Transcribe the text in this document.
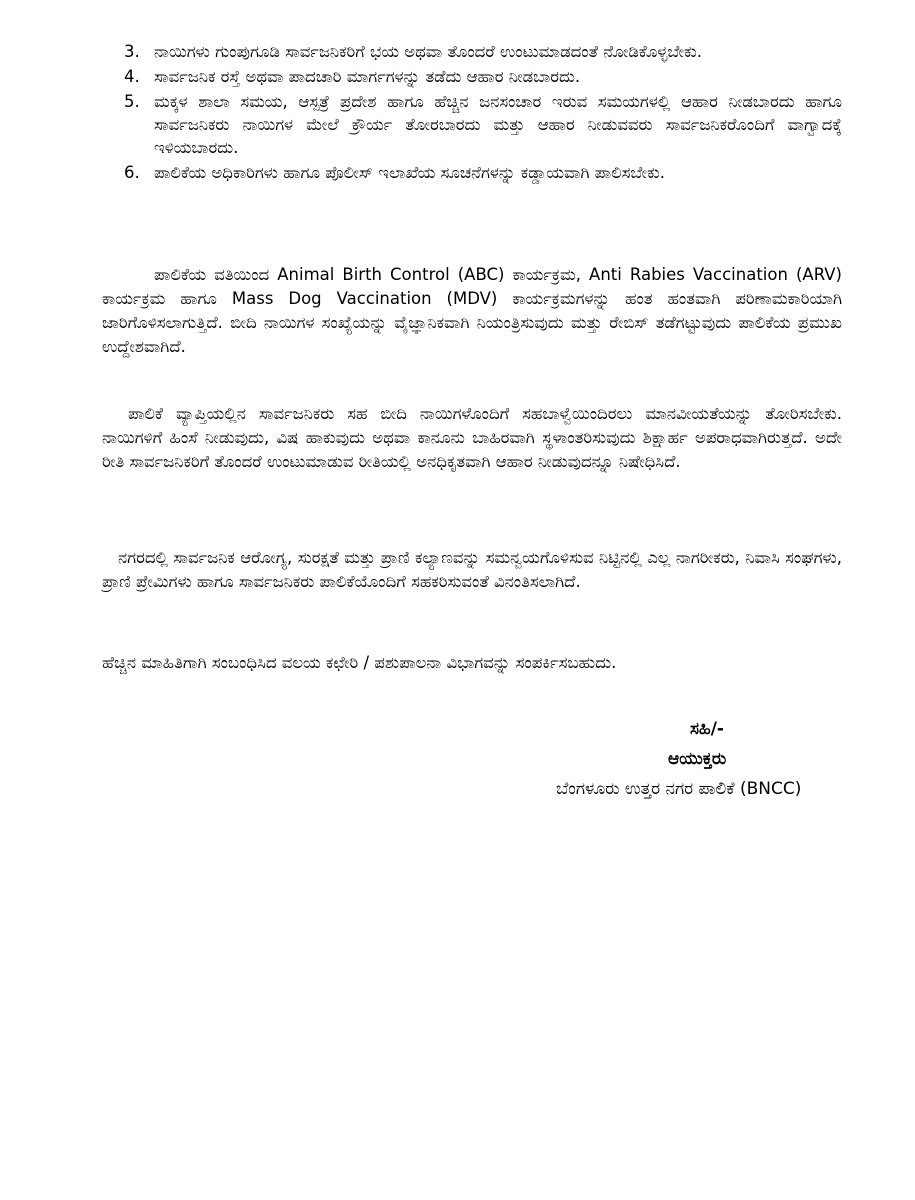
3. ನಾಯಿಗಳು ಗುಂಪುಗೂಡಿ ಸಾರ್ವಜನಿಕರಿಗೆ ಭಯ ಅಥವಾ ತೊಂದರೆ ಉಂಟುಮಾಡದಂತೆ ನೋಡಿಕೊಳ್ಳಬೇಕು.
4. ಸಾರ್ವಜನಿಕ ರಸ್ತೆ ಅಥವಾ ಪಾದಚಾರಿ ಮಾರ್ಗಗಳನ್ನು ತಡೆದು ಆಹಾರ ನೀಡಬಾರದು.
5. ಮಕ್ಕಳ ಶಾಲಾ ಸಮಯ, ಆಸ್ಪತ್ರೆ ಪ್ರದೇಶ ಹಾಗೂ ಹೆಚ್ಚಿನ ಜನಸಂಚಾರ ಇರುವ ಸಮಯಗಳಲ್ಲಿ ಆಹಾರ ನೀಡಬಾರದು ಹಾಗೂ ಸಾರ್ವಜನಿಕರು ನಾಯಿಗಳ ಮೇಲೆ ಕ್ರೌರ್ಯ ತೋರಬಾರದು ಮತ್ತು ಆಹಾರ ನೀಡುವವರು ಸಾರ್ವಜನಿಕರೊಂದಿಗೆ ವಾಗ್ವಾದಕ್ಕೆ ಇಳಿಯಬಾರದು.
6. ಪಾಲಿಕೆಯ ಅಧಿಕಾರಿಗಳು ಹಾಗೂ ಪೊಲೀಸ್ ಇಲಾಖೆಯ ಸೂಚನೆಗಳನ್ನು ಕಡ್ಡಾಯವಾಗಿ ಪಾಲಿಸಬೇಕು.

ಪಾಲಿಕೆಯ ವತಿಯಿಂದ Animal Birth Control (ABC) ಕಾರ್ಯಕ್ರಮ, Anti Rabies Vaccination (ARV) ಕಾರ್ಯಕ್ರಮ ಹಾಗೂ Mass Dog Vaccination (MDV) ಕಾರ್ಯಕ್ರಮಗಳನ್ನು ಹಂತ ಹಂತವಾಗಿ ಪರಿಣಾಮಕಾರಿಯಾಗಿ ಜಾರಿಗೊಳಿಸಲಾಗುತ್ತಿದೆ. ಬೀದಿ ನಾಯಿಗಳ ಸಂಖ್ಯೆಯನ್ನು ವೈಜ್ಞಾನಿಕವಾಗಿ ನಿಯಂತ್ರಿಸುವುದು ಮತ್ತು ರೇಬಿಸ್ ತಡೆಗಟ್ಟುವುದು ಪಾಲಿಕೆಯ ಪ್ರಮುಖ ಉದ್ದೇಶವಾಗಿದೆ.

ಪಾಲಿಕೆ ವ್ಯಾಪ್ತಿಯಲ್ಲಿನ ಸಾರ್ವಜನಿಕರು ಸಹ ಬೀದಿ ನಾಯಿಗಳೊಂದಿಗೆ ಸಹಬಾಳ್ವೆಯಿಂದಿರಲು ಮಾನವೀಯತೆಯನ್ನು ತೋರಿಸಬೇಕು. ನಾಯಿಗಳಿಗೆ ಹಿಂಸೆ ನೀಡುವುದು, ವಿಷ ಹಾಕುವುದು ಅಥವಾ ಕಾನೂನು ಬಾಹಿರವಾಗಿ ಸ್ಥಳಾಂತರಿಸುವುದು ಶಿಕ್ಷಾರ್ಹ ಅಪರಾಧವಾಗಿರುತ್ತದೆ. ಅದೇ ರೀತಿ ಸಾರ್ವಜನಿಕರಿಗೆ ತೊಂದರೆ ಉಂಟುಮಾಡುವ ರೀತಿಯಲ್ಲಿ ಅನಧಿಕೃತವಾಗಿ ಆಹಾರ ನೀಡುವುದನ್ನೂ ನಿಷೇಧಿಸಿದೆ.

ನಗರದಲ್ಲಿ ಸಾರ್ವಜನಿಕ ಆರೋಗ್ಯ, ಸುರಕ್ಷತೆ ಮತ್ತು ಪ್ರಾಣಿ ಕಲ್ಯಾಣವನ್ನು ಸಮನ್ವಯಗೊಳಿಸುವ ನಿಟ್ಟಿನಲ್ಲಿ ಎಲ್ಲ ನಾಗರೀಕರು, ನಿವಾಸಿ ಸಂಘಗಳು, ಪ್ರಾಣಿ ಪ್ರೇಮಿಗಳು ಹಾಗೂ ಸಾರ್ವಜನಿಕರು ಪಾಲಿಕೆಯೊಂದಿಗೆ ಸಹಕರಿಸುವಂತೆ ವಿನಂತಿಸಲಾಗಿದೆ.

ಹೆಚ್ಚಿನ ಮಾಹಿತಿಗಾಗಿ ಸಂಬಂಧಿಸಿದ ವಲಯ ಕಛೇರಿ / ಪಶುಪಾಲನಾ ವಿಭಾಗವನ್ನು ಸಂಪರ್ಕಿಸಬಹುದು.

ಸಹಿ/-
ಆಯುಕ್ತರು
ಬೆಂಗಳೂರು ಉತ್ತರ ನಗರ ಪಾಲಿಕೆ (BNCC)
